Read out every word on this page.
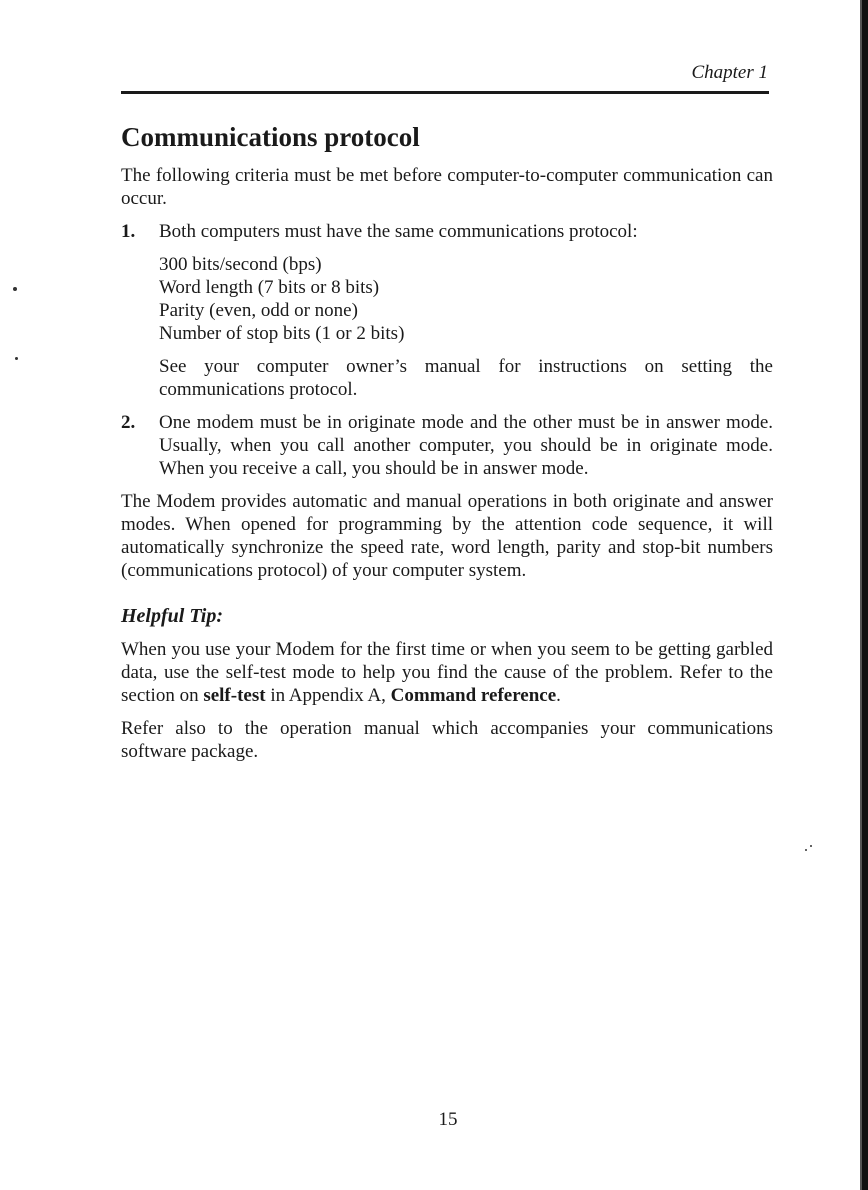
Chapter 1
Communications protocol

The following criteria must be met before computer-to-computer communication can occur.

1.	Both computers must have the same communications protocol:

300 bits/second (bps)
Word length (7 bits or 8 bits)
Parity (even, odd or none)
Number of stop bits (1 or 2 bits)

See your computer owner’s manual for instructions on setting the communications protocol.

2.	One modem must be in originate mode and the other must be in answer mode. Usually, when you call another computer, you should be in originate mode. When you receive a call, you should be in answer mode.

The Modem provides automatic and manual operations in both originate and answer modes. When opened for programming by the attention code sequence, it will automatically synchronize the speed rate, word length, parity and stop-bit numbers (communications protocol) of your computer system.

Helpful Tip:

When you use your Modem for the first time or when you seem to be getting garbled data, use the self-test mode to help you find the cause of the problem. Refer to the section on self-test in Appendix A, Command reference.

Refer also to the operation manual which accompanies your communications software package.

15
